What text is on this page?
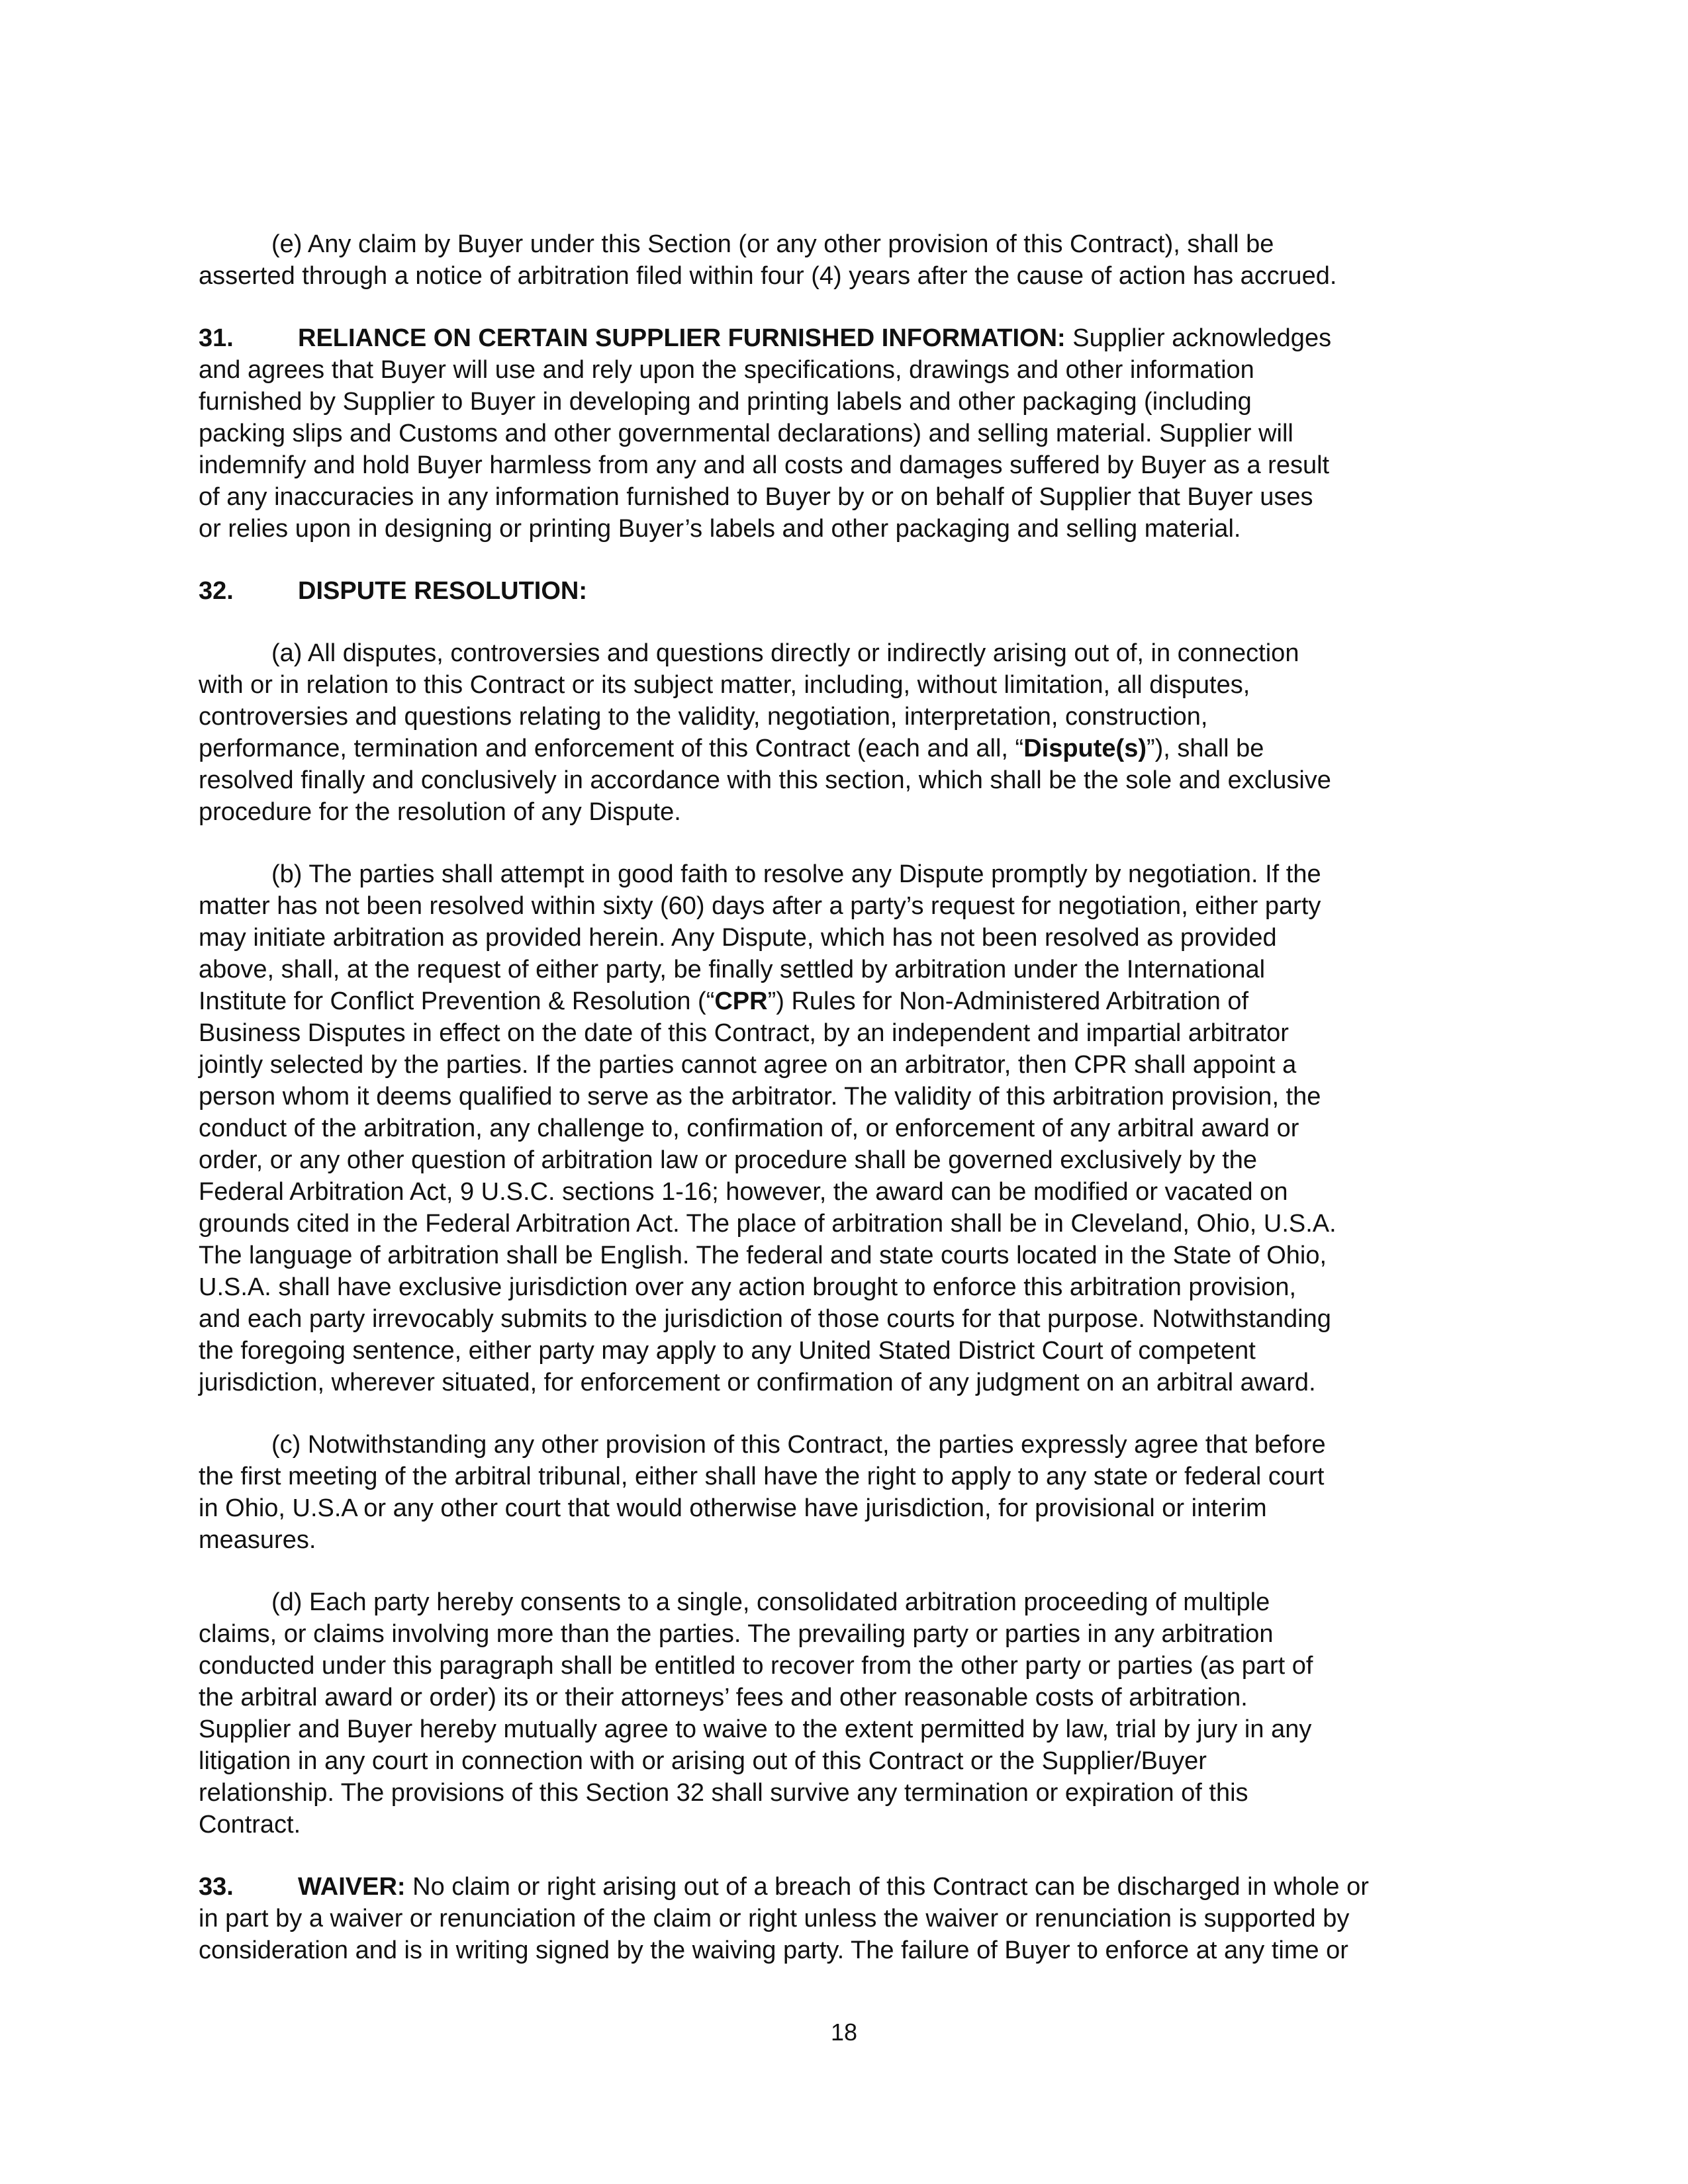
(e) Any claim by Buyer under this Section (or any other provision of this Contract), shall be
asserted through a notice of arbitration filed within four (4) years after the cause of action has accrued.

31.	RELIANCE ON CERTAIN SUPPLIER FURNISHED INFORMATION: Supplier acknowledges
and agrees that Buyer will use and rely upon the specifications, drawings and other information
furnished by Supplier to Buyer in developing and printing labels and other packaging (including
packing slips and Customs and other governmental declarations) and selling material. Supplier will
indemnify and hold Buyer harmless from any and all costs and damages suffered by Buyer as a result
of any inaccuracies in any information furnished to Buyer by or on behalf of Supplier that Buyer uses
or relies upon in designing or printing Buyer’s labels and other packaging and selling material.

32.	DISPUTE RESOLUTION:

(a) All disputes, controversies and questions directly or indirectly arising out of, in connection
with or in relation to this Contract or its subject matter, including, without limitation, all disputes,
controversies and questions relating to the validity, negotiation, interpretation, construction,
performance, termination and enforcement of this Contract (each and all, “Dispute(s)”), shall be
resolved finally and conclusively in accordance with this section, which shall be the sole and exclusive
procedure for the resolution of any Dispute.

(b) The parties shall attempt in good faith to resolve any Dispute promptly by negotiation. If the
matter has not been resolved within sixty (60) days after a party’s request for negotiation, either party
may initiate arbitration as provided herein. Any Dispute, which has not been resolved as provided
above, shall, at the request of either party, be finally settled by arbitration under the International
Institute for Conflict Prevention & Resolution (“CPR”) Rules for Non-Administered Arbitration of
Business Disputes in effect on the date of this Contract, by an independent and impartial arbitrator
jointly selected by the parties. If the parties cannot agree on an arbitrator, then CPR shall appoint a
person whom it deems qualified to serve as the arbitrator. The validity of this arbitration provision, the
conduct of the arbitration, any challenge to, confirmation of, or enforcement of any arbitral award or
order, or any other question of arbitration law or procedure shall be governed exclusively by the
Federal Arbitration Act, 9 U.S.C. sections 1-16; however, the award can be modified or vacated on
grounds cited in the Federal Arbitration Act. The place of arbitration shall be in Cleveland, Ohio, U.S.A.
The language of arbitration shall be English. The federal and state courts located in the State of Ohio,
U.S.A. shall have exclusive jurisdiction over any action brought to enforce this arbitration provision,
and each party irrevocably submits to the jurisdiction of those courts for that purpose. Notwithstanding
the foregoing sentence, either party may apply to any United Stated District Court of competent
jurisdiction, wherever situated, for enforcement or confirmation of any judgment on an arbitral award.

(c) Notwithstanding any other provision of this Contract, the parties expressly agree that before
the first meeting of the arbitral tribunal, either shall have the right to apply to any state or federal court
in Ohio, U.S.A or any other court that would otherwise have jurisdiction, for provisional or interim
measures.

(d) Each party hereby consents to a single, consolidated arbitration proceeding of multiple
claims, or claims involving more than the parties. The prevailing party or parties in any arbitration
conducted under this paragraph shall be entitled to recover from the other party or parties (as part of
the arbitral award or order) its or their attorneys’ fees and other reasonable costs of arbitration.
Supplier and Buyer hereby mutually agree to waive to the extent permitted by law, trial by jury in any
litigation in any court in connection with or arising out of this Contract or the Supplier/Buyer
relationship. The provisions of this Section 32 shall survive any termination or expiration of this
Contract.

33.	WAIVER: No claim or right arising out of a breach of this Contract can be discharged in whole or
in part by a waiver or renunciation of the claim or right unless the waiver or renunciation is supported by
consideration and is in writing signed by the waiving party. The failure of Buyer to enforce at any time or

18
